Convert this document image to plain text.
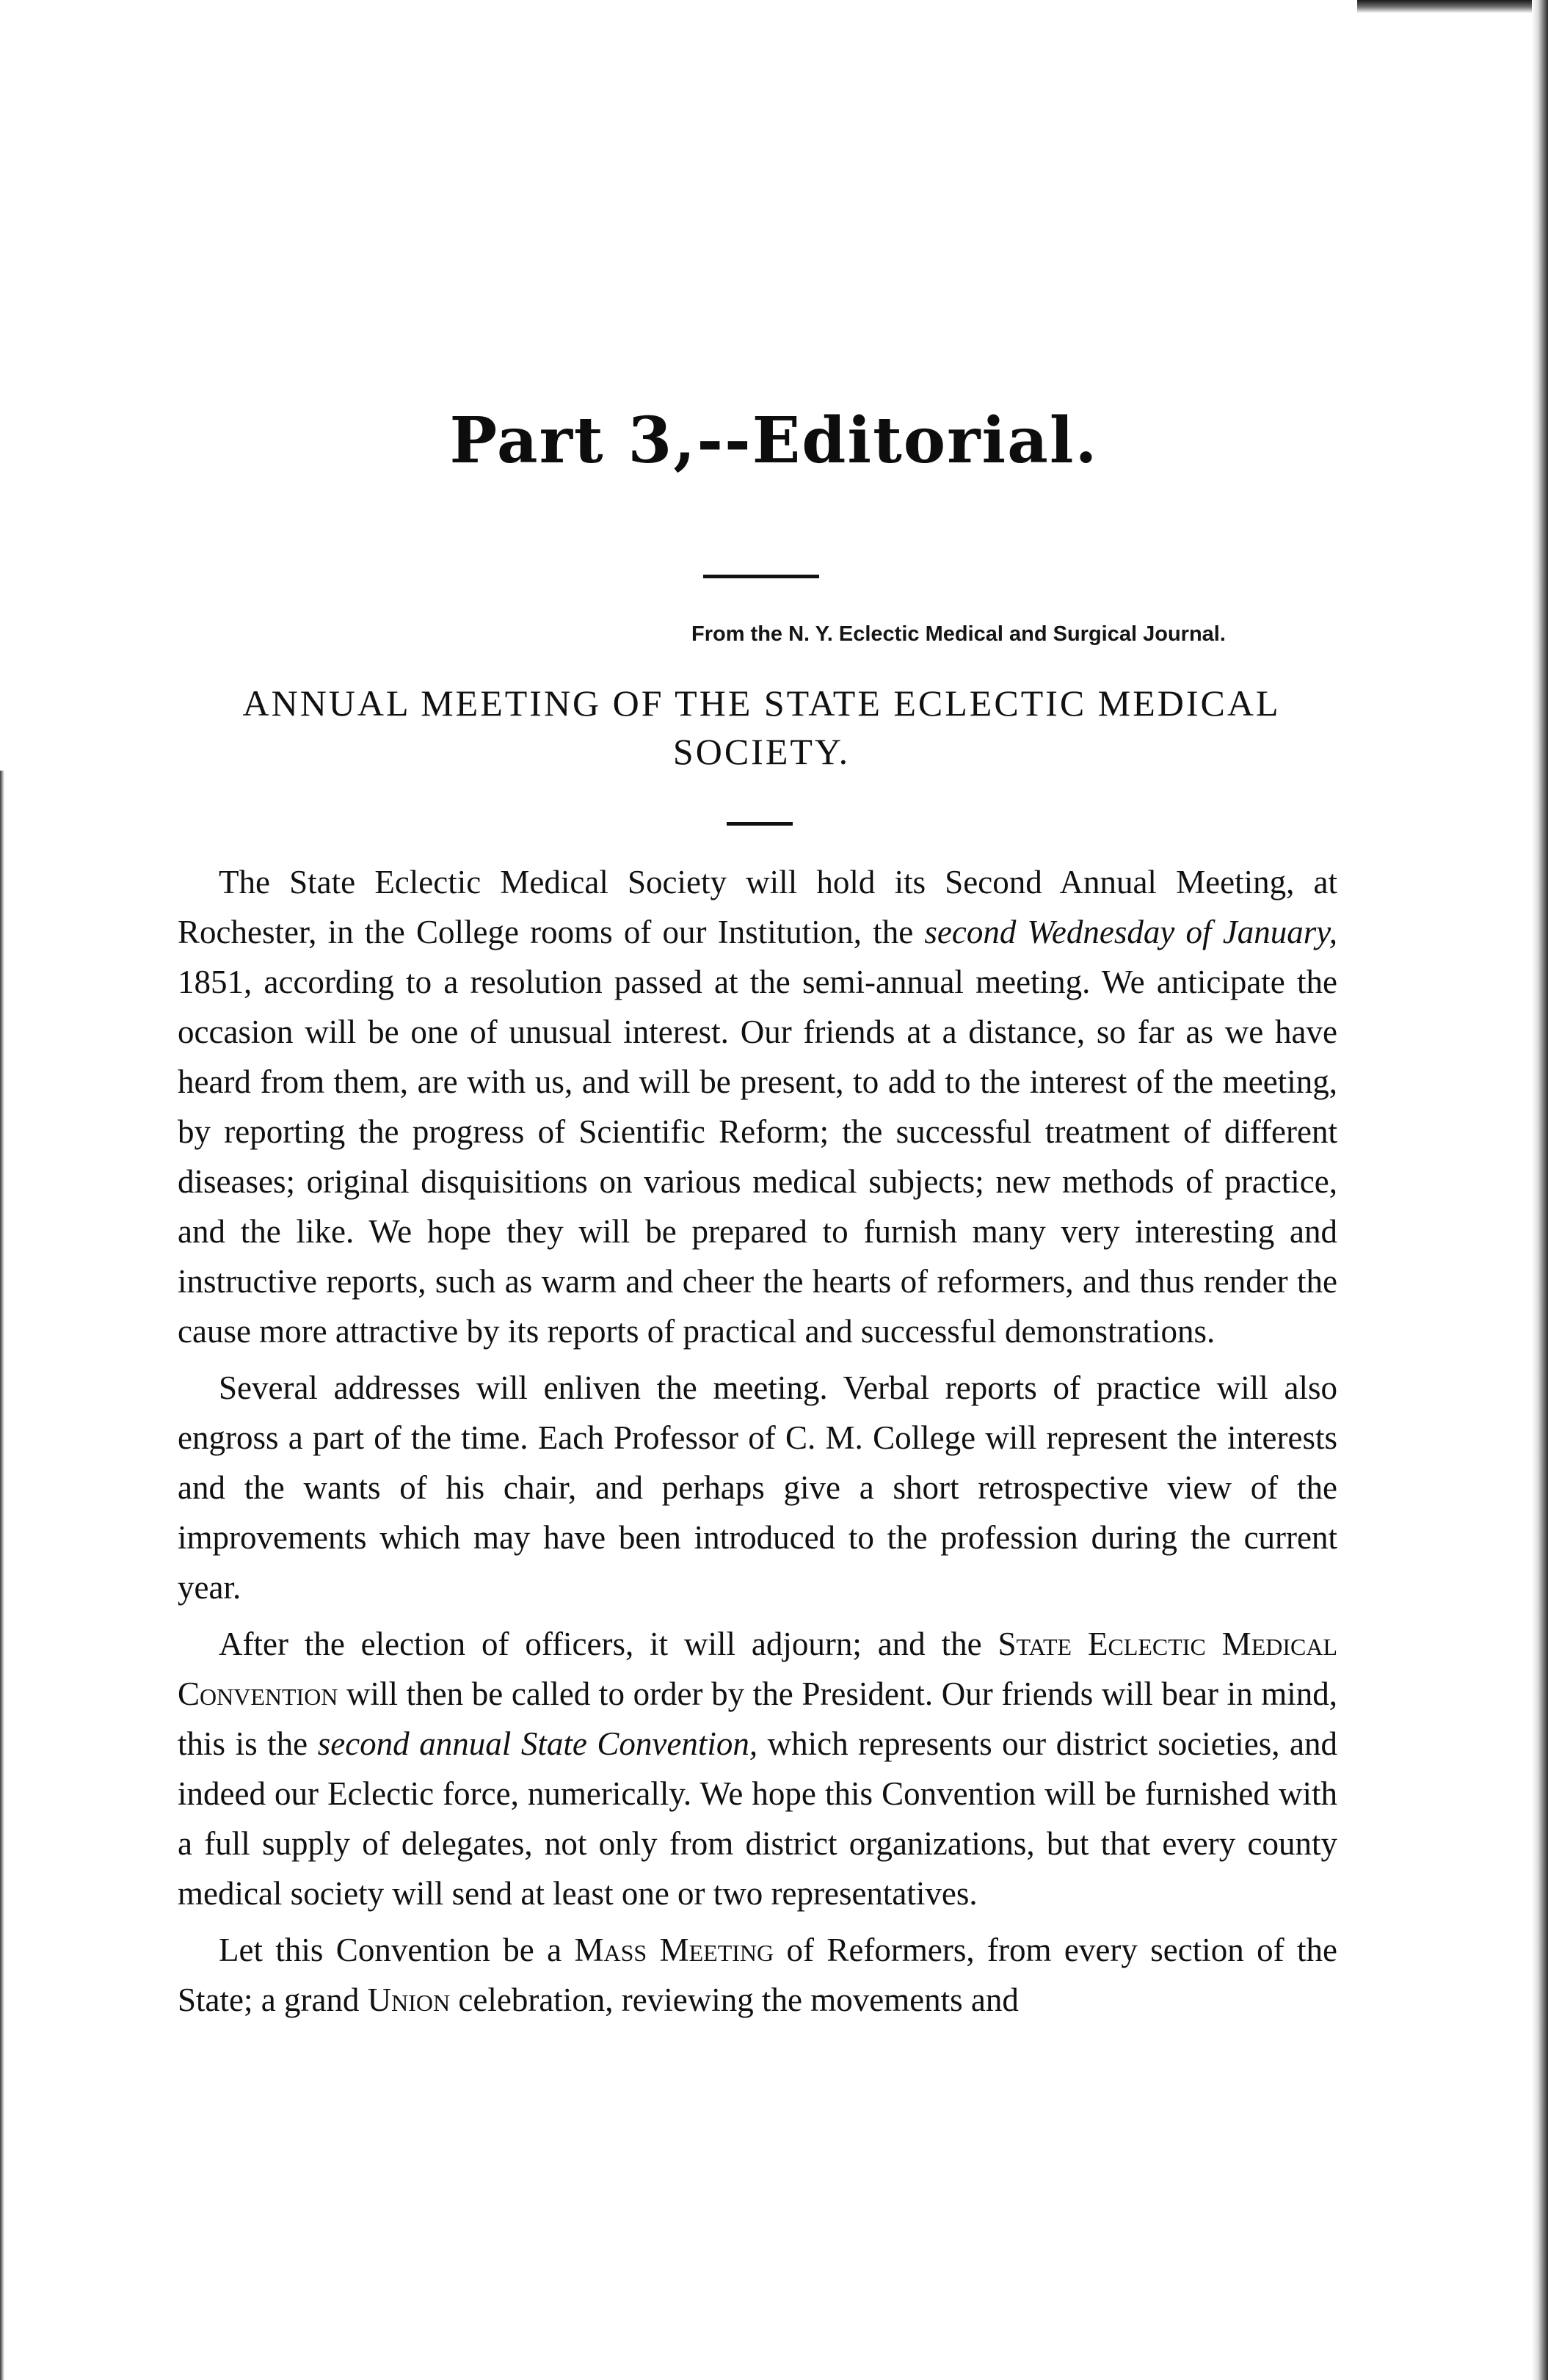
Part 3,--Editorial.
From the N. Y. Eclectic Medical and Surgical Journal.
ANNUAL MEETING OF THE STATE ECLECTIC MEDICAL SOCIETY.

The State Eclectic Medical Society will hold its Second Annual Meeting, at Rochester, in the College rooms of our Institution, the second Wednesday of January, 1851, according to a resolution passed at the semi-annual meeting. We anticipate the occasion will be one of unusual interest. Our friends at a distance, so far as we have heard from them, are with us, and will be present, to add to the interest of the meeting, by reporting the progress of Scientific Reform; the successful treatment of different diseases; original disquisitions on various medical subjects; new methods of practice, and the like. We hope they will be prepared to furnish many very interesting and instructive reports, such as warm and cheer the hearts of reformers, and thus render the cause more attractive by its reports of practical and successful demonstrations.

Several addresses will enliven the meeting. Verbal reports of practice will also engross a part of the time. Each Professor of C. M. College will represent the interests and the wants of his chair, and perhaps give a short retrospective view of the improvements which may have been introduced to the profession during the current year.

After the election of officers, it will adjourn; and the State Eclectic Medical Convention will then be called to order by the President. Our friends will bear in mind, this is the second annual State Convention, which represents our district societies, and indeed our Eclectic force, numerically. We hope this Convention will be furnished with a full supply of delegates, not only from district organizations, but that every county medical society will send at least one or two representatives.

Let this Convention be a Mass Meeting of Reformers, from every section of the State; a grand Union celebration, reviewing the movements and
